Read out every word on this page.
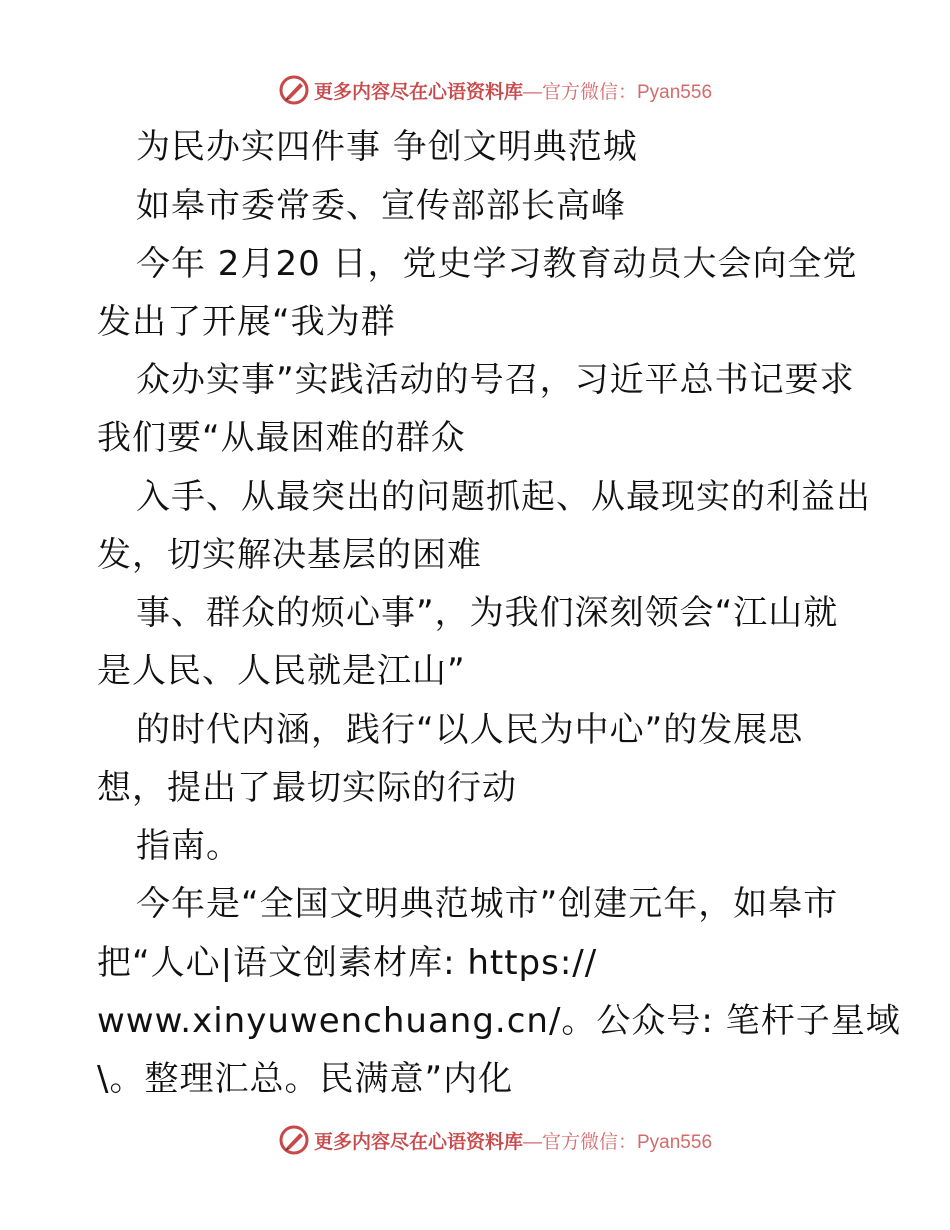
更多内容尽在心语资料库—官方微信：Pyan556
为民办实四件事 争创文明典范城
如皋市委常委、宣传部部长高峰
今年 2月20 日，党史学习教育动员大会向全党
发出了开展“我为群
众办实事”实践活动的号召，习近平总书记要求
我们要“从最困难的群众
入手、从最突出的问题抓起、从最现实的利益出
发，切实解决基层的困难
事、群众的烦心事”，为我们深刻领会“江山就
是人民、人民就是江山”
的时代内涵，践行“以人民为中心”的发展思
想，提出了最切实际的行动
指南。
今年是“全国文明典范城市”创建元年，如皋市
把“人心|语文创素材库: https://
www.xinyuwenchuang.cn/。公众号: 笔杆子星域
\。整理汇总。民满意”内化
更多内容尽在心语资料库—官方微信：Pyan556
